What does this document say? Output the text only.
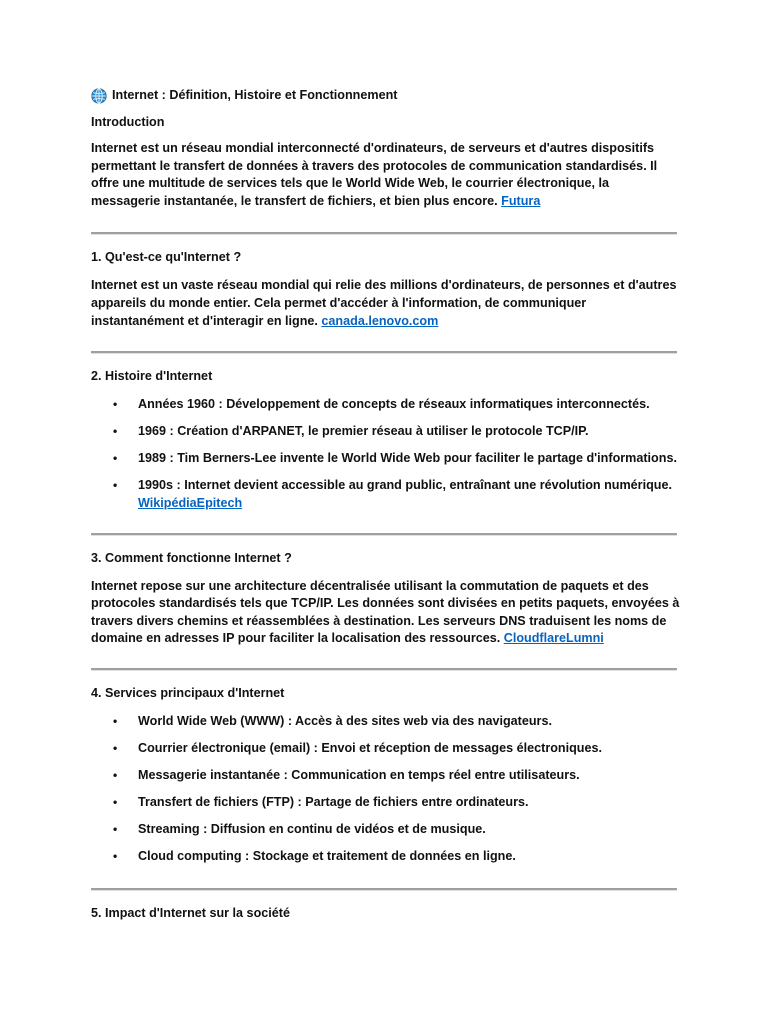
Internet : Définition, Histoire et Fonctionnement

Introduction

Internet est un réseau mondial interconnecté d'ordinateurs, de serveurs et d'autres dispositifs permettant le transfert de données à travers des protocoles de communication standardisés. Il offre une multitude de services tels que le World Wide Web, le courrier électronique, la messagerie instantanée, le transfert de fichiers, et bien plus encore. Futura

1. Qu'est-ce qu'Internet ?

Internet est un vaste réseau mondial qui relie des millions d'ordinateurs, de personnes et d'autres appareils du monde entier. Cela permet d'accéder à l'information, de communiquer instantanément et d'interagir en ligne. canada.lenovo.com

2. Histoire d'Internet

• Années 1960 : Développement de concepts de réseaux informatiques interconnectés.
• 1969 : Création d'ARPANET, le premier réseau à utiliser le protocole TCP/IP.
• 1989 : Tim Berners-Lee invente le World Wide Web pour faciliter le partage d'informations.
• 1990s : Internet devient accessible au grand public, entraînant une révolution numérique.
WikipédiaEpitech

3. Comment fonctionne Internet ?

Internet repose sur une architecture décentralisée utilisant la commutation de paquets et des protocoles standardisés tels que TCP/IP. Les données sont divisées en petits paquets, envoyées à travers divers chemins et réassemblées à destination. Les serveurs DNS traduisent les noms de domaine en adresses IP pour faciliter la localisation des ressources. CloudflareLumni

4. Services principaux d'Internet

• World Wide Web (WWW) : Accès à des sites web via des navigateurs.
• Courrier électronique (email) : Envoi et réception de messages électroniques.
• Messagerie instantanée : Communication en temps réel entre utilisateurs.
• Transfert de fichiers (FTP) : Partage de fichiers entre ordinateurs.
• Streaming : Diffusion en continu de vidéos et de musique.
• Cloud computing : Stockage et traitement de données en ligne.

5. Impact d'Internet sur la société
